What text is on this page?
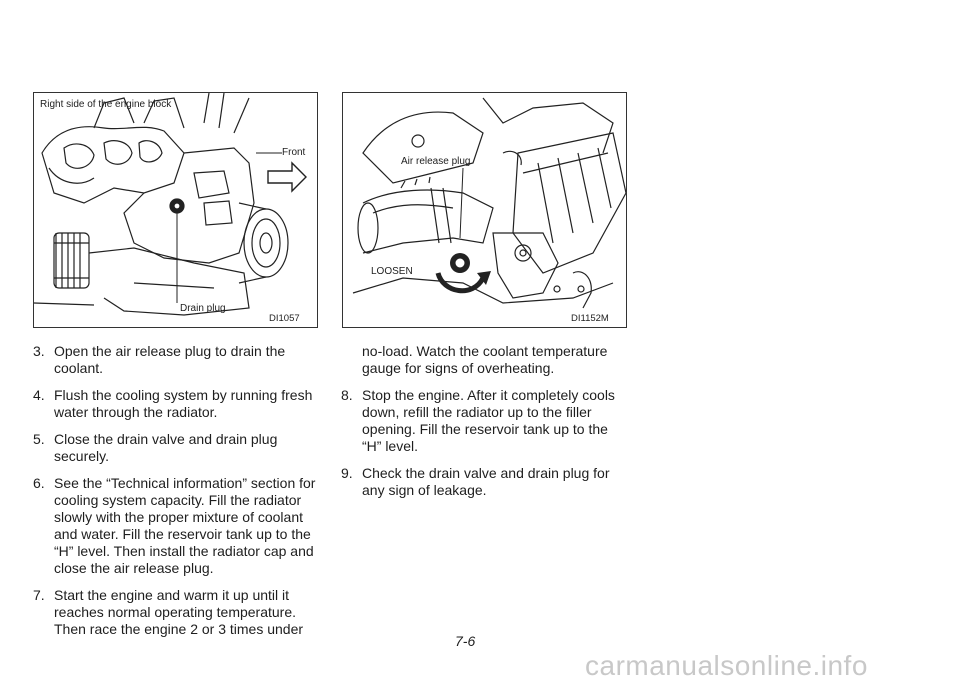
Right side of the engine block
Front
Drain plug
DI1057
Air release plug
LOOSEN
DI1152M
3. Open the air release plug to drain the coolant.
4. Flush the cooling system by running fresh water through the radiator.
5. Close the drain valve and drain plug securely.
6. See the “Technical information” section for cooling system capacity. Fill the radiator slowly with the proper mixture of coolant and water. Fill the reservoir tank up to the “H” level. Then install the radiator cap and close the air release plug.
7. Start the engine and warm it up until it reaches normal operating temperature. Then race the engine 2 or 3 times under
no-load. Watch the coolant temperature gauge for signs of overheating.
8. Stop the engine. After it completely cools down, refill the radiator up to the filler opening. Fill the reservoir tank up to the “H” level.
9. Check the drain valve and drain plug for any sign of leakage.
7-6
carmanualsonline.info
